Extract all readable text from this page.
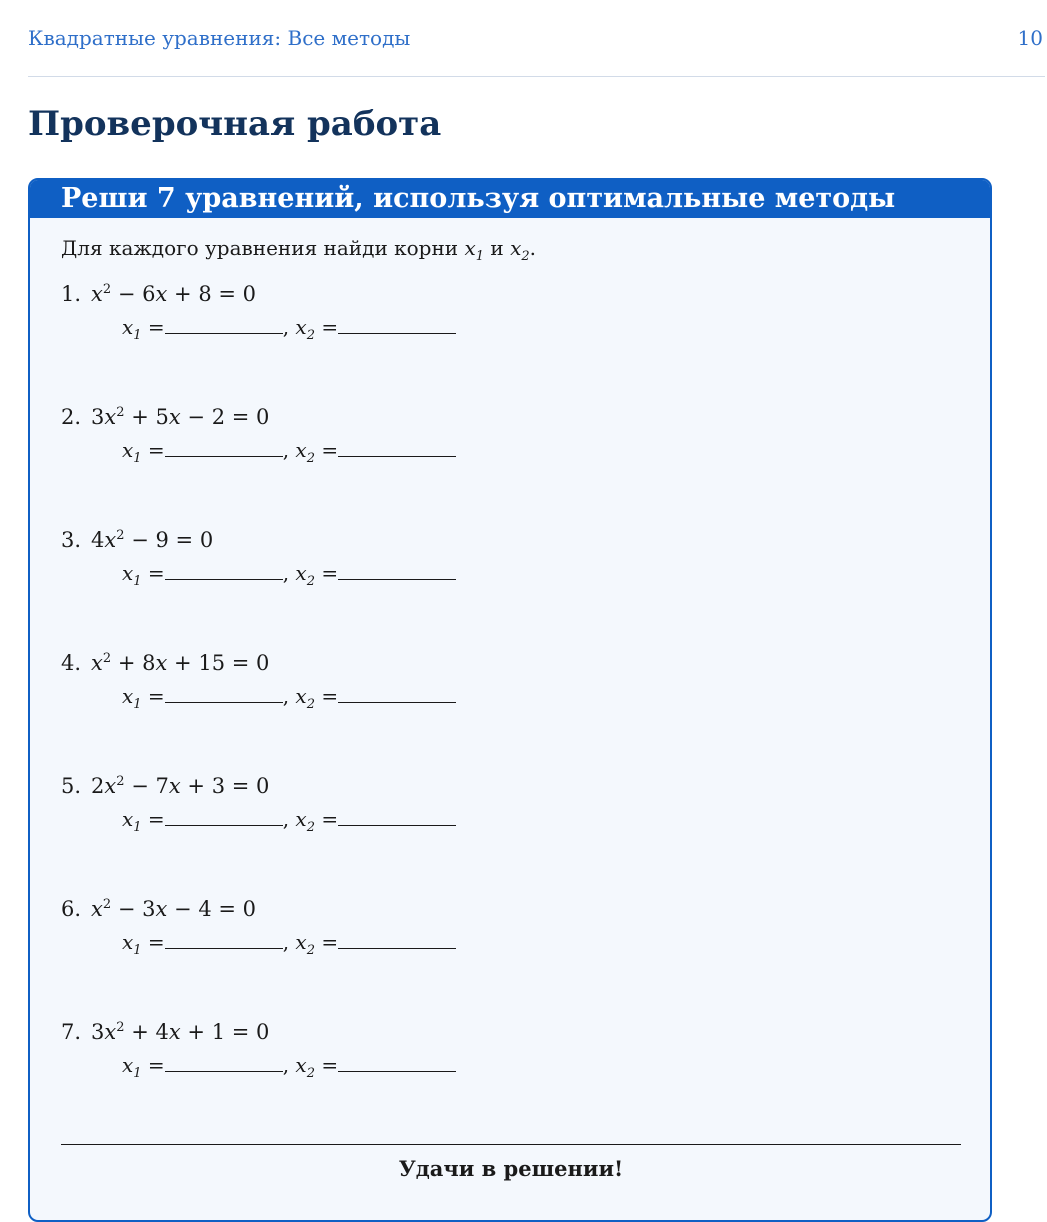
Квадратные уравнения: Все методы	10
Проверочная работа
Реши 7 уравнений, используя оптимальные методы
Для каждого уравнения найди корни $x_1$ и $x_2$.
1. $x^2 - 6x + 8 = 0$
$x_1$ =	, $x_2$ =
2. $3x^2 + 5x - 2 = 0$
$x_1$ =	, $x_2$ =
3. $4x^2 - 9 = 0$
$x_1$ =	, $x_2$ =
4. $x^2 + 8x + 15 = 0$
$x_1$ =	, $x_2$ =
5. $2x^2 - 7x + 3 = 0$
$x_1$ =	, $x_2$ =
6. $x^2 - 3x - 4 = 0$
$x_1$ =	, $x_2$ =
7. $3x^2 + 4x + 1 = 0$
$x_1$ =	, $x_2$ =
Удачи в решении!
